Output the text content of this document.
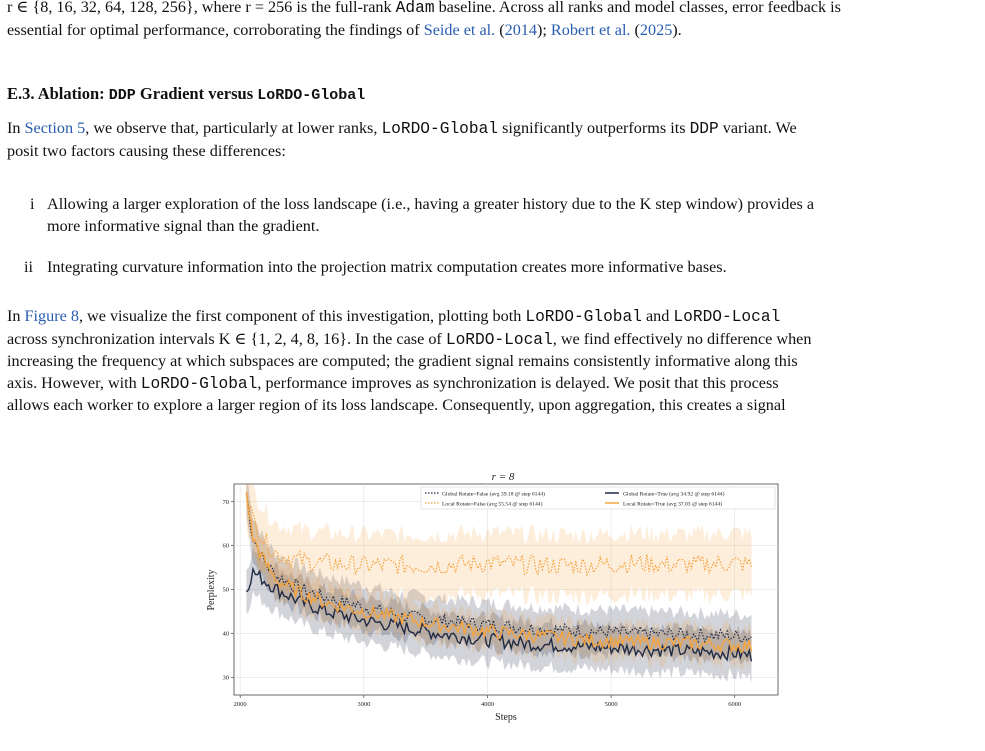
r ∈ {8, 16, 32, 64, 128, 256}, where r = 256 is the full-rank Adam baseline. Across all ranks and model classes, error feedback is
essential for optimal performance, corroborating the findings of Seide et al. (2014); Robert et al. (2025).
E.3. Ablation: DDP Gradient versus LoRDO-Global
In Section 5, we observe that, particularly at lower ranks, LoRDO-Global significantly outperforms its DDP variant. We
posit two factors causing these differences:
i Allowing a larger exploration of the loss landscape (i.e., having a greater history due to the K step window) provides a
more informative signal than the gradient.
ii Integrating curvature information into the projection matrix computation creates more informative bases.
In Figure 8, we visualize the first component of this investigation, plotting both LoRDO-Global and LoRDO-Local
across synchronization intervals K ∈ {1, 2, 4, 8, 16}. In the case of LoRDO-Local, we find effectively no difference when
increasing the frequency at which subspaces are computed; the gradient signal remains consistently informative along this
axis. However, with LoRDO-Global, performance improves as synchronization is delayed. We posit that this process
allows each worker to explore a larger region of its loss landscape. Consequently, upon aggregation, this creates a signal
r = 8
2000	3000	4000	5000	6000
30
40
50
60
70
Steps
Perplexity
Global Rotate=False (avg 39.18 @ step 6144)
Local Rotate=False (avg 55.54 @ step 6144)
Global Rotate=True (avg 34.92 @ step 6144)
Local Rotate=True (avg 37.03 @ step 6144)
